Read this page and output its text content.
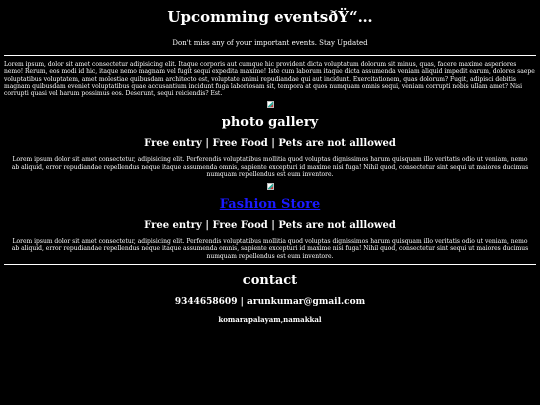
Upcomming eventsðŸ“…

Don't miss any of your important events. Stay Updated

Lorem ipsum, dolor sit amet consectetur adipisicing elit. Itaque corporis aut cumque hic provident dicta voluptatum dolorum sit minus, quas, facere maxime asperiores nemo! Rerum, eos modi id hic, itaque nemo magnam vel fugit sequi expedita maxime! Iste cum laborum itaque dicta assumenda veniam aliquid impedit earum, dolores saepe voluptatibus voluptatem, amet molestiae quibusdam architecto est, voluptate animi repudiandae qui aut incidunt. Exercitationem, quas dolorum? Fugit, adipisci debitis magnam quibusdam eveniet voluptatibus quae accusantium incidunt fuga laboriosam sit, tempora at quos numquam omnis sequi, veniam corrupti nobis ullam amet? Nisi corrupti quasi vel harum possimus eos. Deserunt, sequi reiciendis? Est.

photo gallery
Free entry | Free Food | Pets are not alllowed

Lorem ipsum dolor sit amet consectetur, adipisicing elit. Perferendis voluptatibus mollitia quod voluptas dignissimos harum quisquam illo veritatis odio ut veniam, nemo ab aliquid, error repudiandae repellendus neque itaque assumenda omnis, sapiente excepturi id maxime nisi fuga! Nihil quod, consectetur sint sequi ut maiores ducimus numquam repellendus est eum inventore.

Fashion Store
Free entry | Free Food | Pets are not alllowed

Lorem ipsum dolor sit amet consectetur, adipisicing elit. Perferendis voluptatibus mollitia quod voluptas dignissimos harum quisquam illo veritatis odio ut veniam, nemo ab aliquid, error repudiandae repellendus neque itaque assumenda omnis, sapiente excepturi id maxime nisi fuga! Nihil quod, consectetur sint sequi ut maiores ducimus numquam repellendus est eum inventore.

contact

9344658609 | arunkumar@gmail.com

komarapalayam,namakkal
